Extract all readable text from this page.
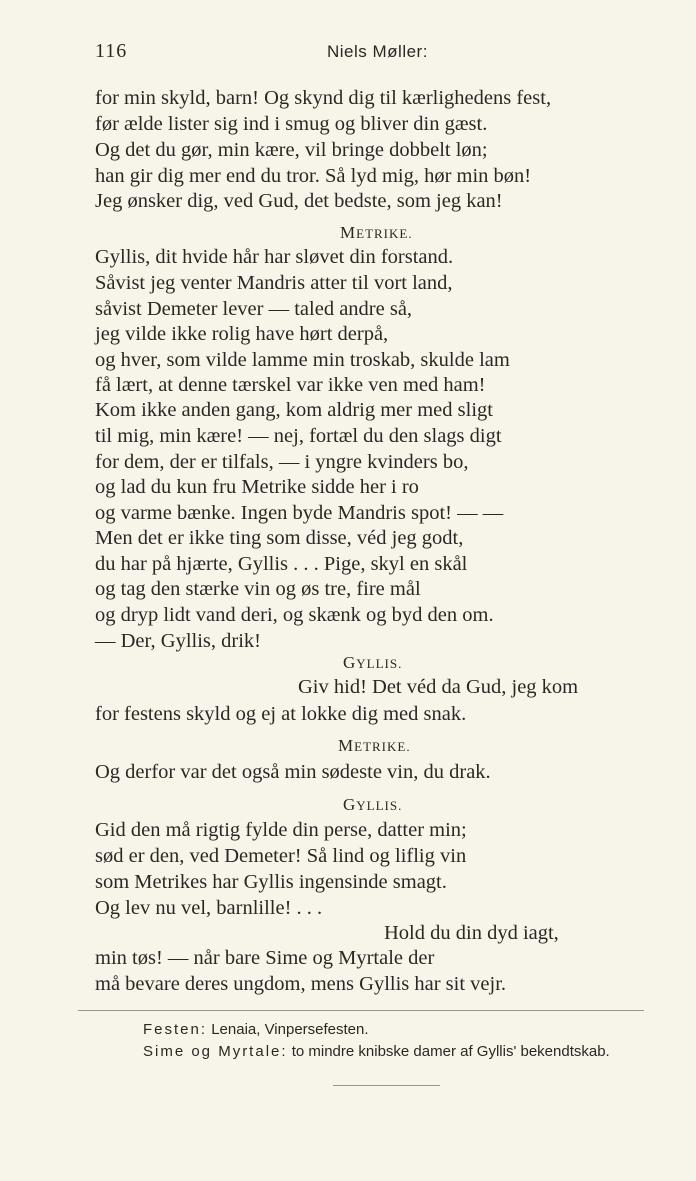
116	Niels Møller:
for min skyld, barn! Og skynd dig til kærlighedens fest,
før ælde lister sig ind i smug og bliver din gæst.
Og det du gør, min kære, vil bringe dobbelt løn;
han gir dig mer end du tror. Så lyd mig, hør min bøn!
Jeg ønsker dig, ved Gud, det bedste, som jeg kan!
METRIKE.
Gyllis, dit hvide hår har sløvet din forstand.
Såvist jeg venter Mandris atter til vort land,
såvist Demeter lever — taled andre så,
jeg vilde ikke rolig have hørt derpå,
og hver, som vilde lamme min troskab, skulde lam
få lært, at denne tærskel var ikke ven med ham!
Kom ikke anden gang, kom aldrig mer med sligt
til mig, min kære! — nej, fortæl du den slags digt
for dem, der er tilfals, — i yngre kvinders bo,
og lad du kun fru Metrike sidde her i ro
og varme bænke. Ingen byde Mandris spot! — —
Men det er ikke ting som disse, véd jeg godt,
du har på hjærte, Gyllis . . . Pige, skyl en skål
og tag den stærke vin og øs tre, fire mål
og dryp lidt vand deri, og skænk og byd den om.
— Der, Gyllis, drik!
GYLLIS.
Giv hid! Det véd da Gud, jeg kom
for festens skyld og ej at lokke dig med snak.
METRIKE.
Og derfor var det også min sødeste vin, du drak.
GYLLIS.
Gid den må rigtig fylde din perse, datter min;
sød er den, ved Demeter! Så lind og liflig vin
som Metrikes har Gyllis ingensinde smagt.
Og lev nu vel, barnlille! . . .
Hold du din dyd iagt,
min tøs! — når bare Sime og Myrtale der
må bevare deres ungdom, mens Gyllis har sit vejr.
Festen: Lenaia, Vinpersefesten.
Sime og Myrtale: to mindre knibske damer af Gyllis' bekendtskab.
